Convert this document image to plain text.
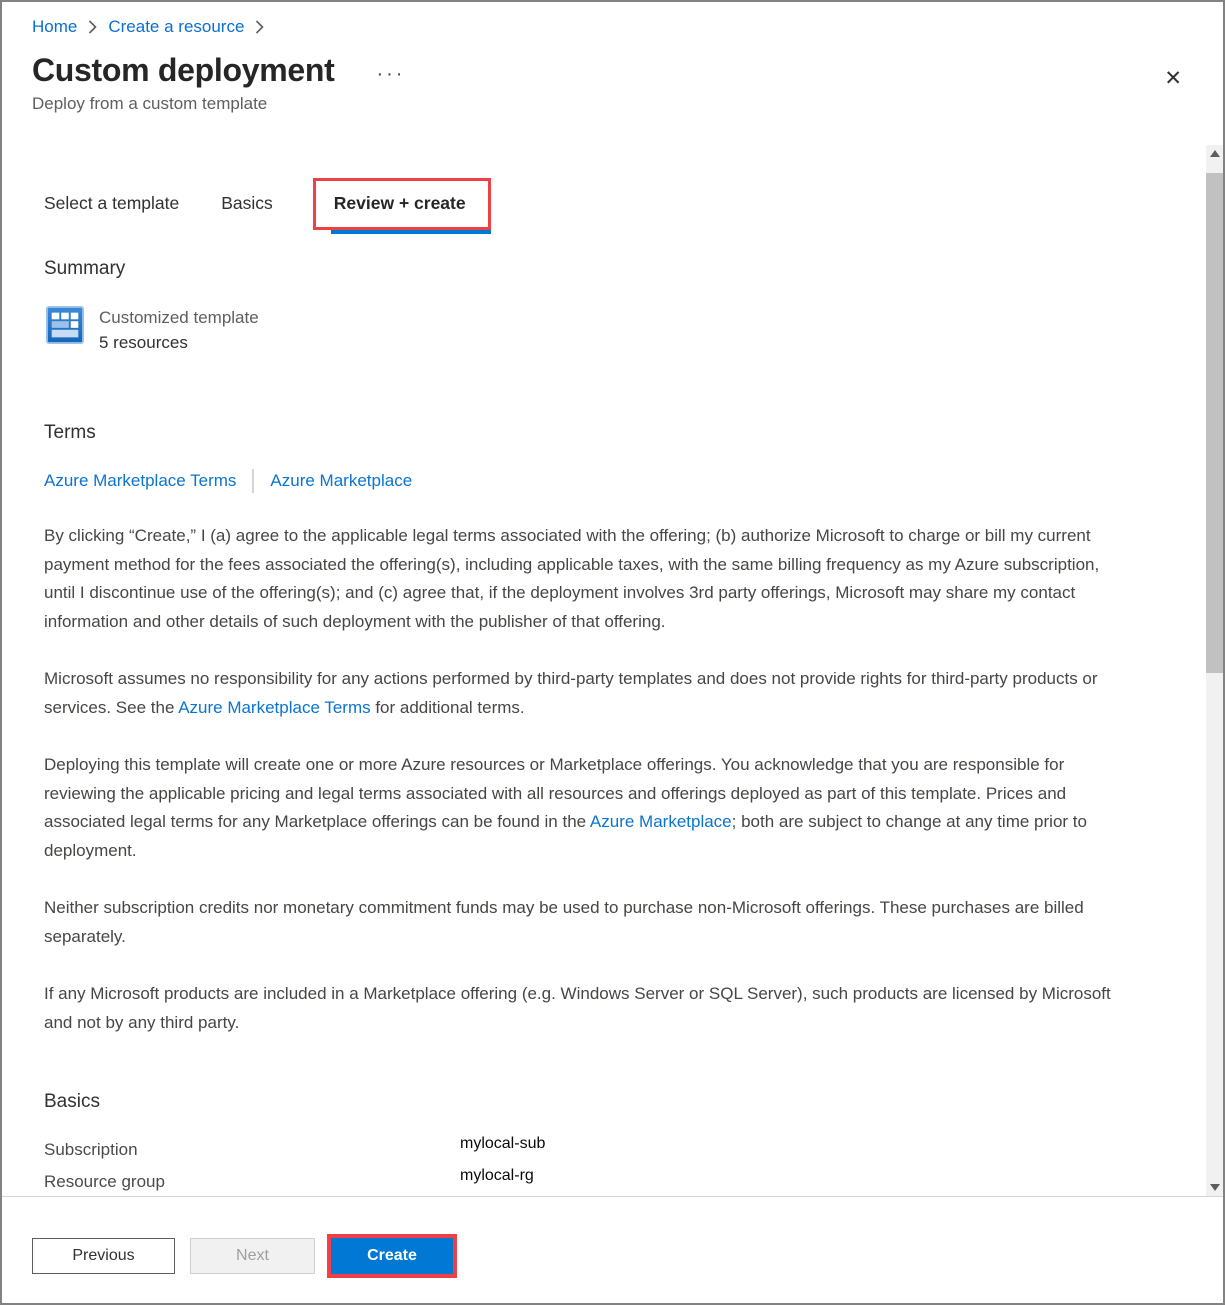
Home Create a resource
Custom deployment ···	✕
Deploy from a custom template
Select a template Basics	Review + create
Summary
Customized template
5 resources
Terms
Azure Marketplace Terms Azure Marketplace

By clicking “Create,” I (a) agree to the applicable legal terms associated with the offering; (b) authorize Microsoft to charge or bill my current payment method for the fees associated the offering(s), including applicable taxes, with the same billing frequency as my Azure subscription, until I discontinue use of the offering(s); and (c) agree that, if the deployment involves 3rd party offerings, Microsoft may share my contact information and other details of such deployment with the publisher of that offering.

Microsoft assumes no responsibility for any actions performed by third-party templates and does not provide rights for third-party products or services. See the Azure Marketplace Terms for additional terms.

Deploying this template will create one or more Azure resources or Marketplace offerings. You acknowledge that you are responsible for reviewing the applicable pricing and legal terms associated with all resources and offerings deployed as part of this template. Prices and associated legal terms for any Marketplace offerings can be found in the Azure Marketplace; both are subject to change at any time prior to deployment.

Neither subscription credits nor monetary commitment funds may be used to purchase non-Microsoft offerings. These purchases are billed separately.

If any Microsoft products are included in a Marketplace offering (e.g. Windows Server or SQL Server), such products are licensed by Microsoft and not by any third party.

Basics
Subscription	mylocal-sub
Resource group	mylocal-rg
Previous	Next	Create
